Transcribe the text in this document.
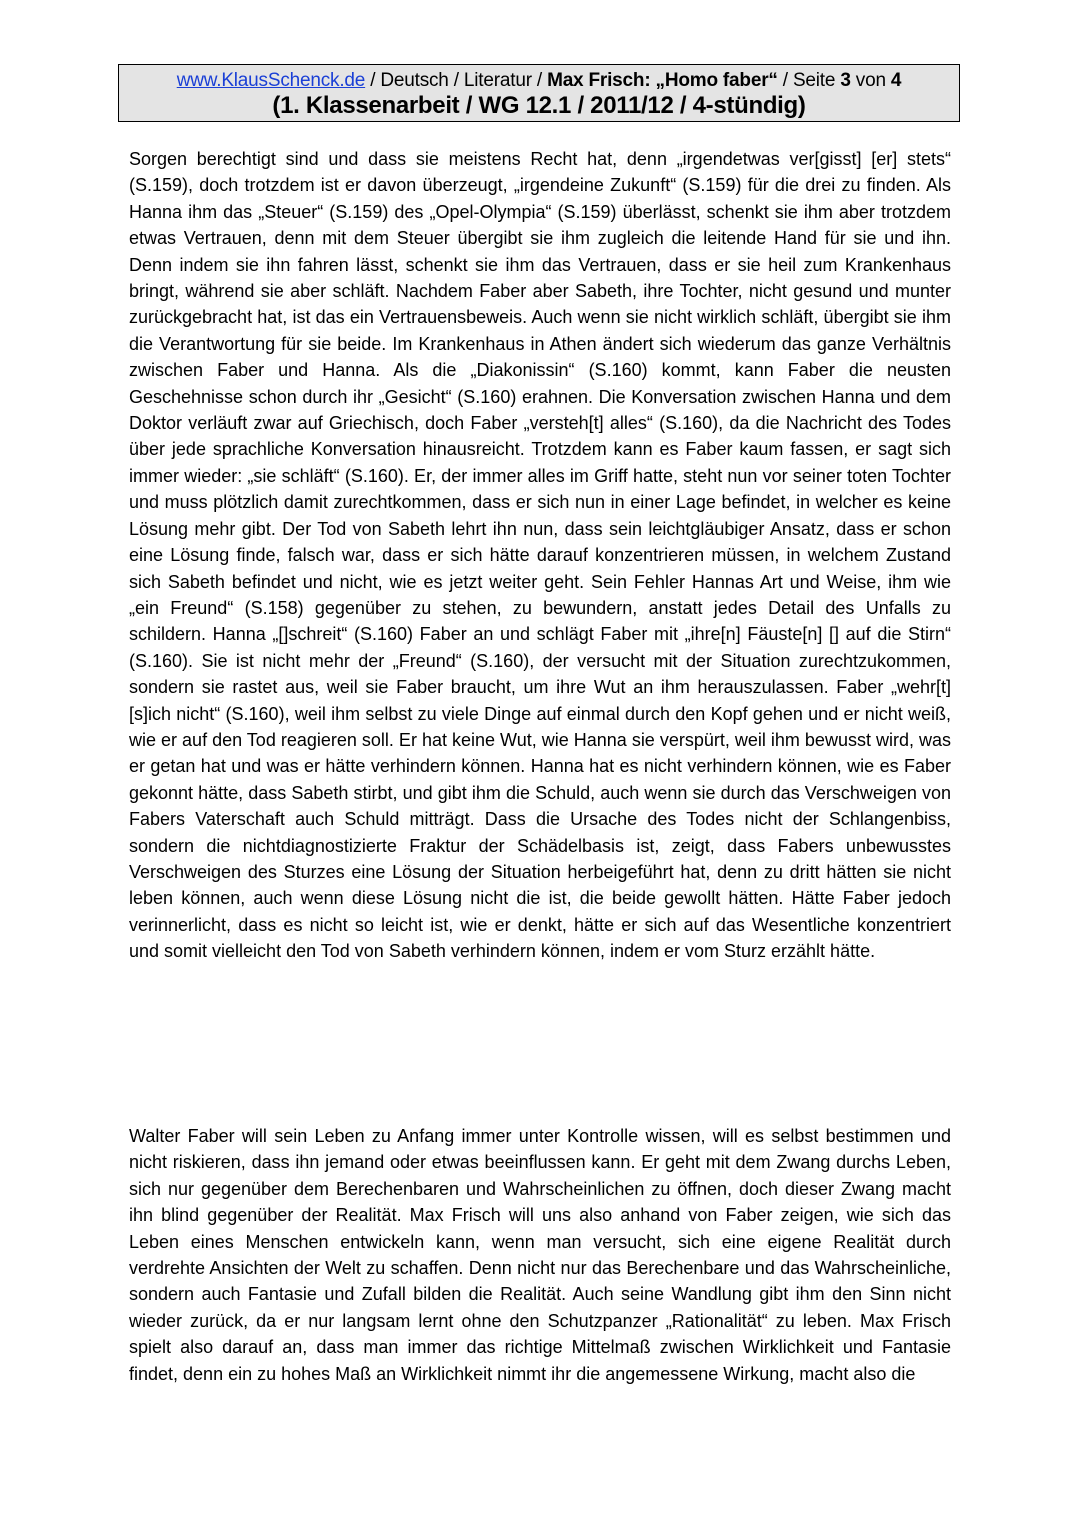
www.KlausSchenck.de / Deutsch / Literatur / Max Frisch: „Homo faber“ / Seite 3 von 4
(1. Klassenarbeit / WG 12.1 / 2011/12 / 4-stündig)

Sorgen berechtigt sind und dass sie meistens Recht hat, denn „irgendetwas ver[gisst] [er] stets“ (S.159), doch trotzdem ist er davon überzeugt, „irgendeine Zukunft“ (S.159) für die drei zu finden. Als Hanna ihm das „Steuer“ (S.159) des „Opel-Olympia“ (S.159) überlässt, schenkt sie ihm aber trotzdem etwas Vertrauen, denn mit dem Steuer übergibt sie ihm zugleich die leitende Hand für sie und ihn. Denn indem sie ihn fahren lässt, schenkt sie ihm das Vertrauen, dass er sie heil zum Krankenhaus bringt, während sie aber schläft. Nachdem Faber aber Sabeth, ihre Tochter, nicht gesund und munter zurückgebracht hat, ist das ein Vertrauensbeweis. Auch wenn sie nicht wirklich schläft, übergibt sie ihm die Verantwortung für sie beide. Im Krankenhaus in Athen ändert sich wiederum das ganze Verhältnis zwischen Faber und Hanna. Als die „Diakonissin“ (S.160) kommt, kann Faber die neusten Geschehnisse schon durch ihr „Gesicht“ (S.160) erahnen. Die Konversation zwischen Hanna und dem Doktor verläuft zwar auf Griechisch, doch Faber „versteh[t] alles“ (S.160), da die Nachricht des Todes über jede sprachliche Konversation hinausreicht. Trotzdem kann es Faber kaum fassen, er sagt sich immer wieder: „sie schläft“ (S.160). Er, der immer alles im Griff hatte, steht nun vor seiner toten Tochter und muss plötzlich damit zurechtkommen, dass er sich nun in einer Lage befindet, in welcher es keine Lösung mehr gibt. Der Tod von Sabeth lehrt ihn nun, dass sein leichtgläubiger Ansatz, dass er schon eine Lösung finde, falsch war, dass er sich hätte darauf konzentrieren müssen, in welchem Zustand sich Sabeth befindet und nicht, wie es jetzt weiter geht. Sein Fehler Hannas Art und Weise, ihm wie „ein Freund“ (S.158) gegenüber zu stehen, zu bewundern, anstatt jedes Detail des Unfalls zu schildern. Hanna „[]schreit“ (S.160) Faber an und schlägt Faber mit „ihre[n] Fäuste[n] [] auf die Stirn“ (S.160). Sie ist nicht mehr der „Freund“ (S.160), der versucht mit der Situation zurechtzukommen, sondern sie rastet aus, weil sie Faber braucht, um ihre Wut an ihm herauszulassen. Faber „wehr[t] [s]ich nicht“ (S.160), weil ihm selbst zu viele Dinge auf einmal durch den Kopf gehen und er nicht weiß, wie er auf den Tod reagieren soll. Er hat keine Wut, wie Hanna sie verspürt, weil ihm bewusst wird, was er getan hat und was er hätte verhindern können. Hanna hat es nicht verhindern können, wie es Faber gekonnt hätte, dass Sabeth stirbt, und gibt ihm die Schuld, auch wenn sie durch das Verschweigen von Fabers Vaterschaft auch Schuld mitträgt. Dass die Ursache des Todes nicht der Schlangenbiss, sondern die nichtdiagnostizierte Fraktur der Schädelbasis ist, zeigt, dass Fabers unbewusstes Verschweigen des Sturzes eine Lösung der Situation herbeigeführt hat, denn zu dritt hätten sie nicht leben können, auch wenn diese Lösung nicht die ist, die beide gewollt hätten. Hätte Faber jedoch verinnerlicht, dass es nicht so leicht ist, wie er denkt, hätte er sich auf das Wesentliche konzentriert und somit vielleicht den Tod von Sabeth verhindern können, indem er vom Sturz erzählt hätte.

Walter Faber will sein Leben zu Anfang immer unter Kontrolle wissen, will es selbst bestimmen und nicht riskieren, dass ihn jemand oder etwas beeinflussen kann. Er geht mit dem Zwang durchs Leben, sich nur gegenüber dem Berechenbaren und Wahrscheinlichen zu öffnen, doch dieser Zwang macht ihn blind gegenüber der Realität. Max Frisch will uns also anhand von Faber zeigen, wie sich das Leben eines Menschen entwickeln kann, wenn man versucht, sich eine eigene Realität durch verdrehte Ansichten der Welt zu schaffen. Denn nicht nur das Berechenbare und das Wahrscheinliche, sondern auch Fantasie und Zufall bilden die Realität. Auch seine Wandlung gibt ihm den Sinn nicht wieder zurück, da er nur langsam lernt ohne den Schutzpanzer „Rationalität“ zu leben. Max Frisch spielt also darauf an, dass man immer das richtige Mittelmaß zwischen Wirklichkeit und Fantasie findet, denn ein zu hohes Maß an Wirklichkeit nimmt ihr die angemessene Wirkung, macht also die
